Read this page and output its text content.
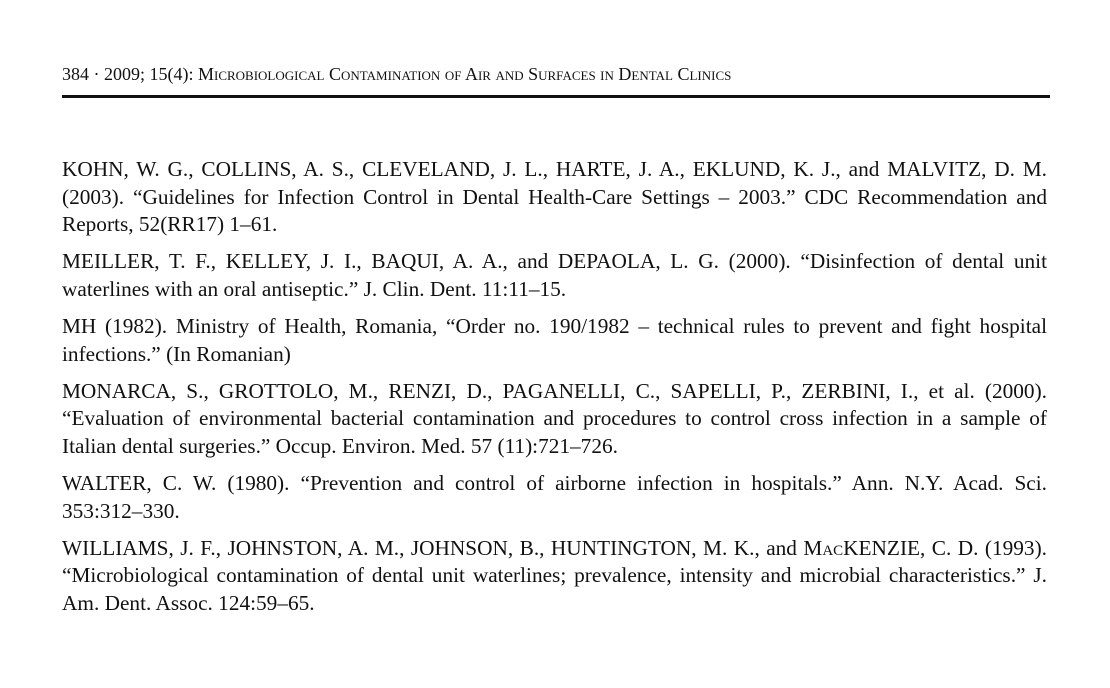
384 · 2009; 15(4): Microbiological Contamination of Air and Surfaces in Dental Clinics

KOHN, W. G., COLLINS, A. S., CLEVELAND, J. L., HARTE, J. A., EKLUND, K. J., and MALVITZ, D. M. (2003). “Guidelines for Infection Control in Dental Health-Care Settings – 2003.” CDC Recommendation and Reports, 52(RR17) 1–61.

MEILLER, T. F., KELLEY, J. I., BAQUI, A. A., and DEPAOLA, L. G. (2000). “Disinfection of dental unit waterlines with an oral antiseptic.” J. Clin. Dent. 11:11–15.

MH (1982). Ministry of Health, Romania, “Order no. 190/1982 – technical rules to prevent and fight hospital infections.” (In Romanian)

MONARCA, S., GROTTOLO, M., RENZI, D., PAGANELLI, C., SAPELLI, P., ZERBINI, I., et al. (2000). “Evaluation of environmental bacterial contamination and procedures to control cross infection in a sample of Italian dental surgeries.” Occup. Environ. Med. 57 (11):721–726.

WALTER, C. W. (1980). “Prevention and control of airborne infection in hospitals.” Ann. N.Y. Acad. Sci. 353:312–330.

WILLIAMS, J. F., JOHNSTON, A. M., JOHNSON, B., HUNTINGTON, M. K., and MacKENZIE, C. D. (1993). “Microbiological contamination of dental unit waterlines; prevalence, intensity and microbial characteristics.” J. Am. Dent. Assoc. 124:59–65.
